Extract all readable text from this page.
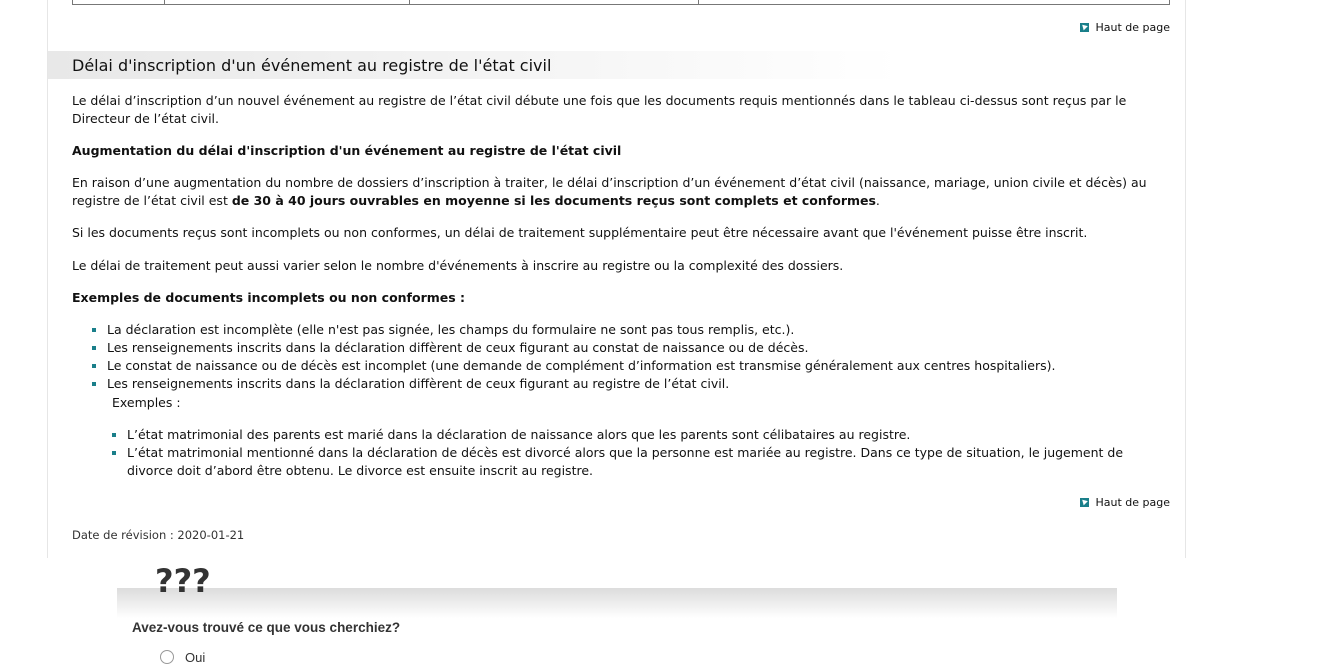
Haut de page
Délai d'inscription d'un événement au registre de l'état civil

Le délai d’inscription d’un nouvel événement au registre de l’état civil débute une fois que les documents requis mentionnés dans le tableau ci-dessus sont reçus par le Directeur de l’état civil.

Augmentation du délai d'inscription d'un événement au registre de l'état civil

En raison d’une augmentation du nombre de dossiers d’inscription à traiter, le délai d’inscription d’un événement d’état civil (naissance, mariage, union civile et décès) au registre de l’état civil est de 30 à 40 jours ouvrables en moyenne si les documents reçus sont complets et conformes.

Si les documents reçus sont incomplets ou non conformes, un délai de traitement supplémentaire peut être nécessaire avant que l'événement puisse être inscrit.

Le délai de traitement peut aussi varier selon le nombre d'événements à inscrire au registre ou la complexité des dossiers.

Exemples de documents incomplets ou non conformes :

La déclaration est incomplète (elle n'est pas signée, les champs du formulaire ne sont pas tous remplis, etc.).
Les renseignements inscrits dans la déclaration diffèrent de ceux figurant au constat de naissance ou de décès.
Le constat de naissance ou de décès est incomplet (une demande de complément d’information est transmise généralement aux centres hospitaliers).
Les renseignements inscrits dans la déclaration diffèrent de ceux figurant au registre de l’état civil.

Exemples :

L’état matrimonial des parents est marié dans la déclaration de naissance alors que les parents sont célibataires au registre.
L’état matrimonial mentionné dans la déclaration de décès est divorcé alors que la personne est mariée au registre. Dans ce type de situation, le jugement de divorce doit d’abord être obtenu. Le divorce est ensuite inscrit au registre.
Haut de page
Date de révision : 2020-01-21
???
Avez-vous trouvé ce que vous cherchiez?
Oui
